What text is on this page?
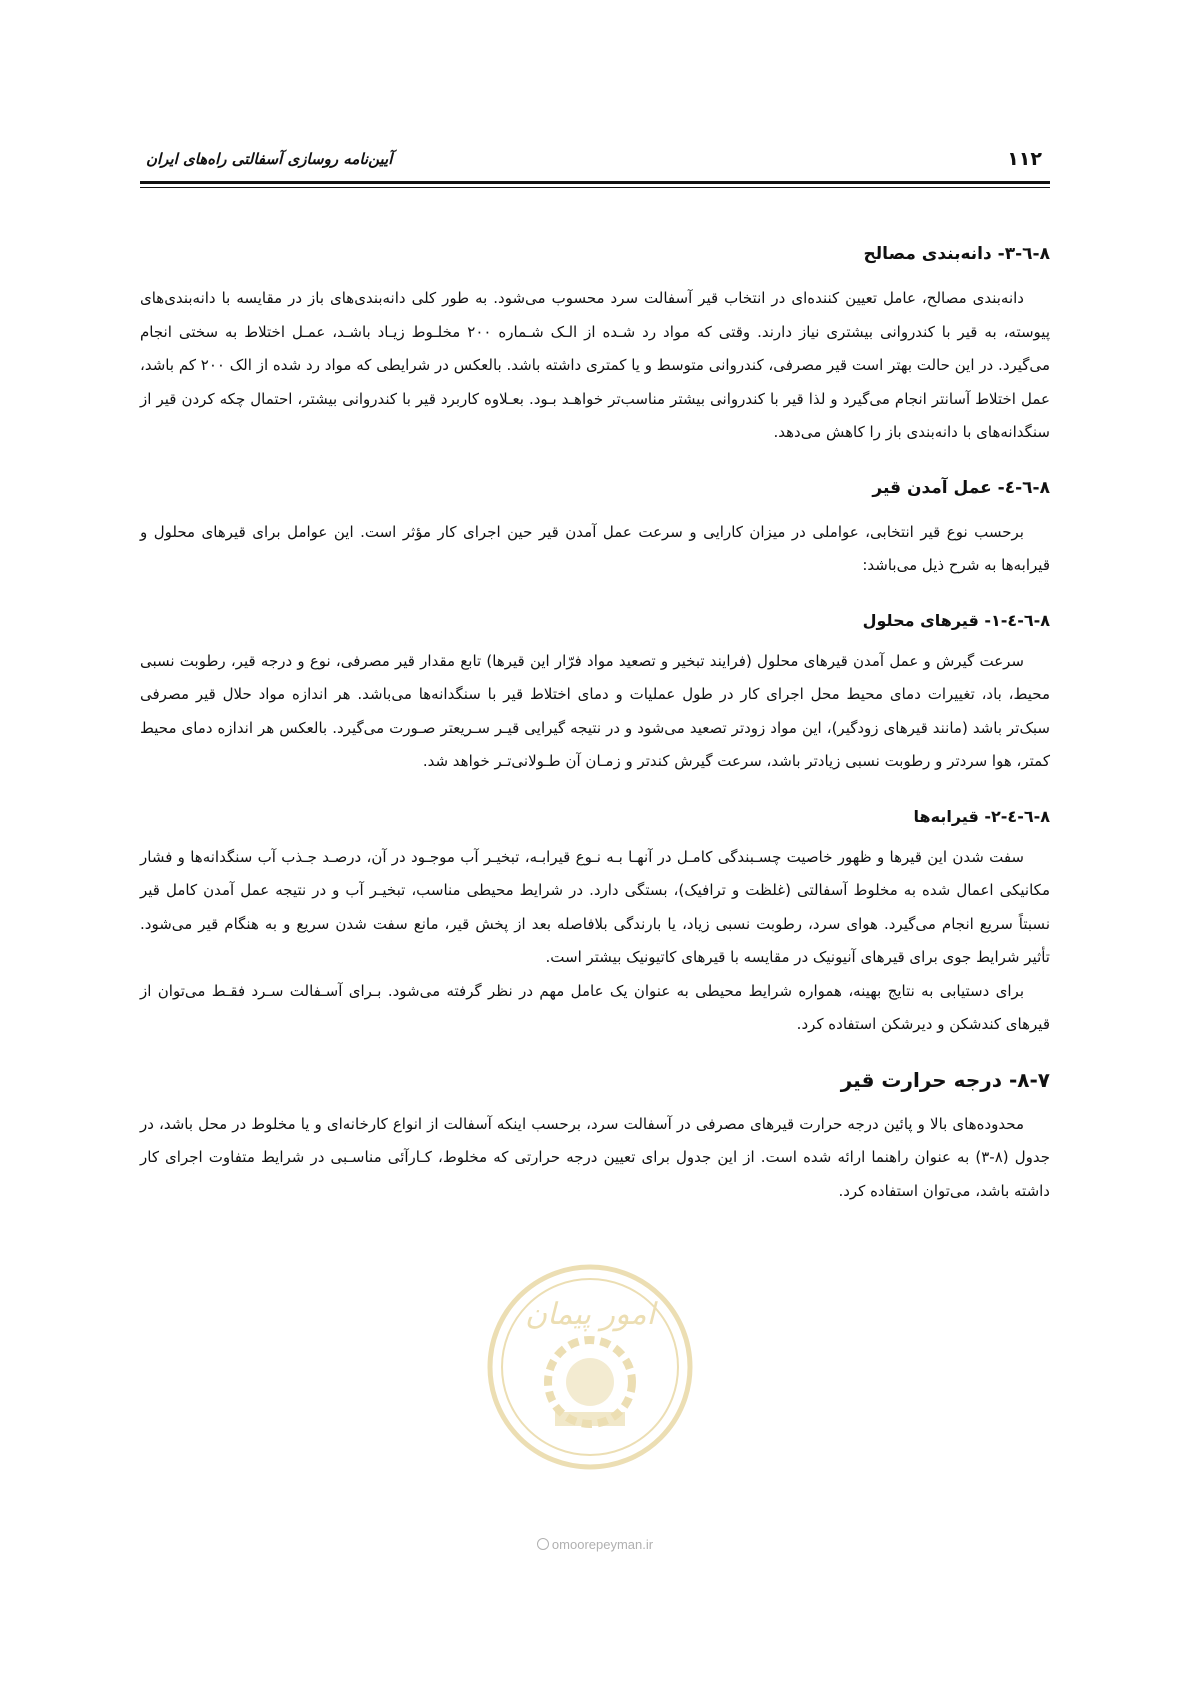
۱۱۲
آیین‌نامه روسازی آسفالتی راه‌های ایران
۸-٦-۳- دانه‌بندی مصالح

دانه‌بندی مصالح، عامل تعیین کننده‌ای در انتخاب قیر آسفالت سرد محسوب می‌شود. به طور کلی دانه‌بندی‌های باز در مقایسه با دانه‌بندی‌های پیوسته، به قیر با کندروانی بیشتری نیاز دارند. وقتی که مواد رد شـده از الـک شـماره ۲۰۰ مخلـوط زیـاد باشـد، عمـل اختلاط به سختی انجام می‌گیرد. در این حالت بهتر است قیر مصرفی، کندروانی متوسط و یا کمتری داشته باشد. بالعکس در شرایطی که مواد رد شده از الک ۲۰۰ کم باشد، عمل اختلاط آسانتر انجام می‌گیرد و لذا قیر با کندروانی بیشتر مناسب‌تر خواهـد بـود. بعـلاوه کاربرد قیر با کندروانی بیشتر، احتمال چکه کردن قیر از سنگدانه‌های با دانه‌بندی باز را کاهش می‌دهد.

۸-٦-٤- عمل آمدن قیر

برحسب نوع قیر انتخابی، عواملی در میزان کارایی و سرعت عمل آمدن قیر حین اجرای کار مؤثر است. این عوامل برای قیرهای محلول و قیرابه‌ها به شرح ذیل می‌باشد:

۸-٦-٤-۱- قیرهای محلول

سرعت گیرش و عمل آمدن قیرهای محلول (فرایند تبخیر و تصعید مواد فرّار این قیرها) تابع مقدار قیر مصرفی، نوع و درجه قیر، رطوبت نسبی محیط، باد، تغییرات دمای محیط محل اجرای کار در طول عملیات و دمای اختلاط قیر با سنگدانه‌ها می‌باشد. هر اندازه مواد حلال قیر مصرفی سبک‌تر باشد (مانند قیرهای زودگیر)، این مواد زودتر تصعید می‌شود و در نتیجه گیرایی قیـر سـریعتر صـورت می‌گیرد. بالعکس هر اندازه دمای محیط کمتر، هوا سردتر و رطوبت نسبی زیادتر باشد، سرعت گیرش کندتر و زمـان آن طـولانی‌تـر خواهد شد.

۸-٦-٤-۲- قیرابه‌ها

سفت شدن این قیرها و ظهور خاصیت چسـبندگی کامـل در آنهـا بـه نـوع قیرابـه، تبخیـر آب موجـود در آن، درصـد جـذب آب سنگدانه‌ها و فشار مکانیکی اعمال شده به مخلوط آسفالتی (غلظت و ترافیک)، بستگی دارد. در شرایط محیطی مناسب، تبخیـر آب و در نتیجه عمل آمدن کامل قیر نسبتاً سریع انجام می‌گیرد. هوای سرد، رطوبت نسبی زیاد، یا بارندگی بلافاصله بعد از پخش قیر، مانع سفت شدن سریع و به هنگام قیر می‌شود. تأثیر شرایط جوی برای قیرهای آنیونیک در مقایسه با قیرهای کاتیونیک بیشتر است.

برای دستیابی به نتایج بهینه، همواره شرایط محیطی به عنوان یک عامل مهم در نظر گرفته می‌شود. بـرای آسـفالت سـرد فقـط می‌توان از قیرهای کندشکن و دیرشکن استفاده کرد.

۸-۷- درجه حرارت قیر

محدوده‌های بالا و پائین درجه حرارت قیرهای مصرفی در آسفالت سرد، برحسب اینکه آسفالت از انواع کارخانه‌ای و یا مخلوط در محل باشد، در جدول (۸-۳) به عنوان راهنما ارائه شده است. از این جدول برای تعیین درجه حرارتی که مخلوط، کـارآئی مناسـبی در شرایط متفاوت اجرای کار داشته باشد، می‌توان استفاده کرد.

امور پیمان
omoorepeyman.ir
